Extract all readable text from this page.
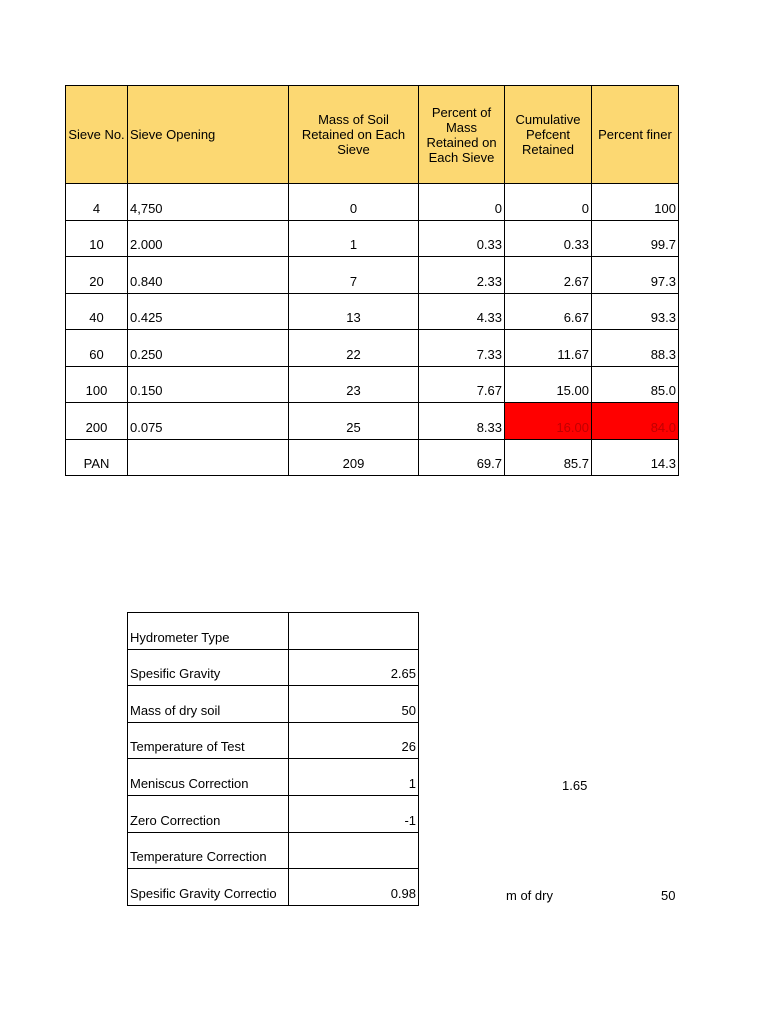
Sieve No.	Sieve Opening	Mass of Soil Retained on Each Sieve	Percent of Mass Retained on Each Sieve	Cumulative Pefcent Retained	Percent finer
4	4,750	0	0	0	100
10	2.000	1	0.33	0.33	99.7
20	0.840	7	2.33	2.67	97.3
40	0.425	13	4.33	6.67	93.3
60	0.250	22	7.33	11.67	88.3
100	0.150	23	7.67	15.00	85.0
200	0.075	25	8.33	16.00	84.0
PAN		209	69.7	85.7	14.3
Hydrometer Type	
Spesific Gravity	2.65
Mass of dry soil	50
Temperature of Test	26
Meniscus Correction	1
Zero Correction	-1
Temperature Correction	
Spesific Gravity Correctio	0.98
1.65
m of dry	50
